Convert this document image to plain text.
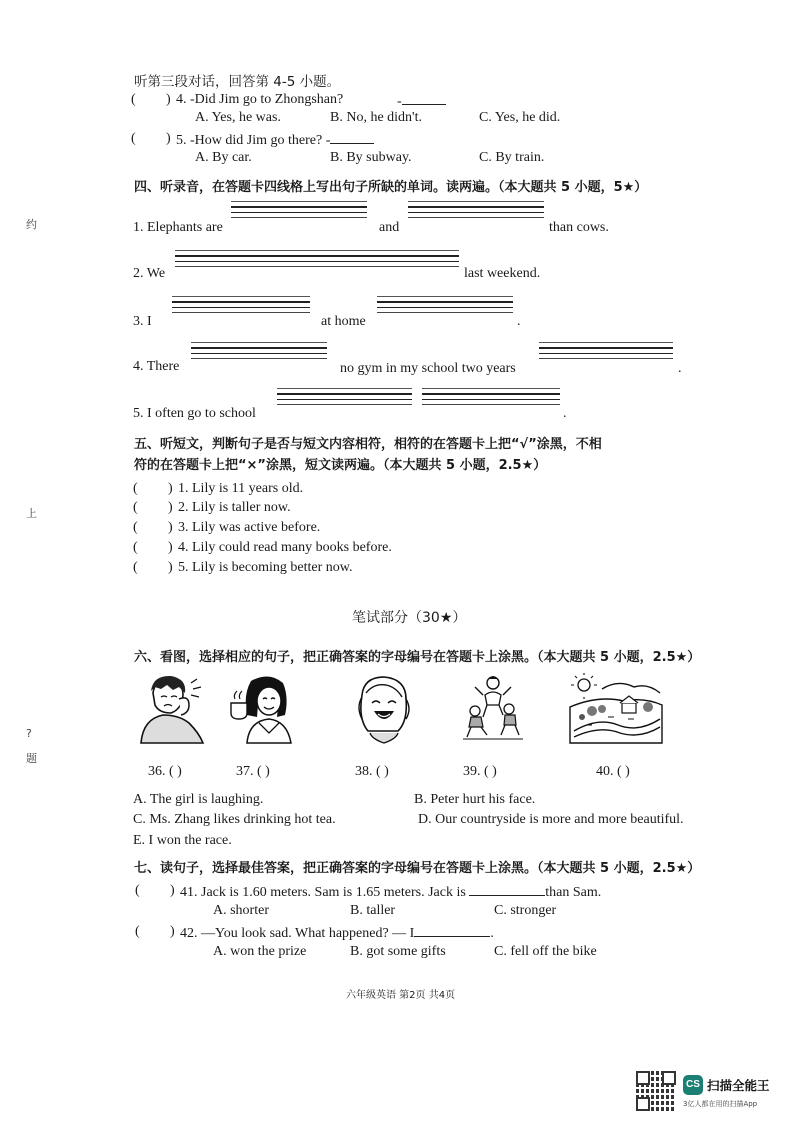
约
上
?
题
听第三段对话，回答第 4-5 小题。
( ) 4. -Did Jim go to Zhongshan?	-
A. Yes, he was.	B. No, he didn't.	C. Yes, he did.
( ) 5. -How did Jim go there? -
A. By car.	B. By subway.	C. By train.
四、听录音，在答题卡四线格上写出句子所缺的单词。读两遍。（本大题共 5 小题，5★）
1. Elephants are	and	than cows.
2. We	last weekend.
3. I	at home	.
4. There	no gym in my school two years	.
5. I often go to school	.
五、听短文，判断句子是否与短文内容相符，相符的在答题卡上把“√”涂黑，不相
符的在答题卡上把“×”涂黑，短文读两遍。（本大题共 5 小题，2.5★）
( ) 1. Lily is 11 years old.
( ) 2. Lily is taller now.
( ) 3. Lily was active before.
( ) 4. Lily could read many books before.
( ) 5. Lily is becoming better now.
笔试部分（30★）
六、看图，选择相应的句子，把正确答案的字母编号在答题卡上涂黑。（本大题共 5 小题，2.5★）
36. ( )	37. ( )	38. ( )	39. ( )	40. ( )
A. The girl is laughing.	B. Peter hurt his face.
C. Ms. Zhang likes drinking hot tea.	D. Our countryside is more and more beautiful.
E. I won the race.
七、读句子，选择最佳答案，把正确答案的字母编号在答题卡上涂黑。（本大题共 5 小题，2.5★）
( ) 41. Jack is 1.60 meters. Sam is 1.65 meters. Jack is	than Sam.
A. shorter	B. taller	C. stronger
( ) 42. —You look sad. What happened? — I	.
A. won the prize	B. got some gifts	C. fell off the bike
六年级英语 第2页 共4页
CS 扫描全能王
3亿人都在用的扫描App
